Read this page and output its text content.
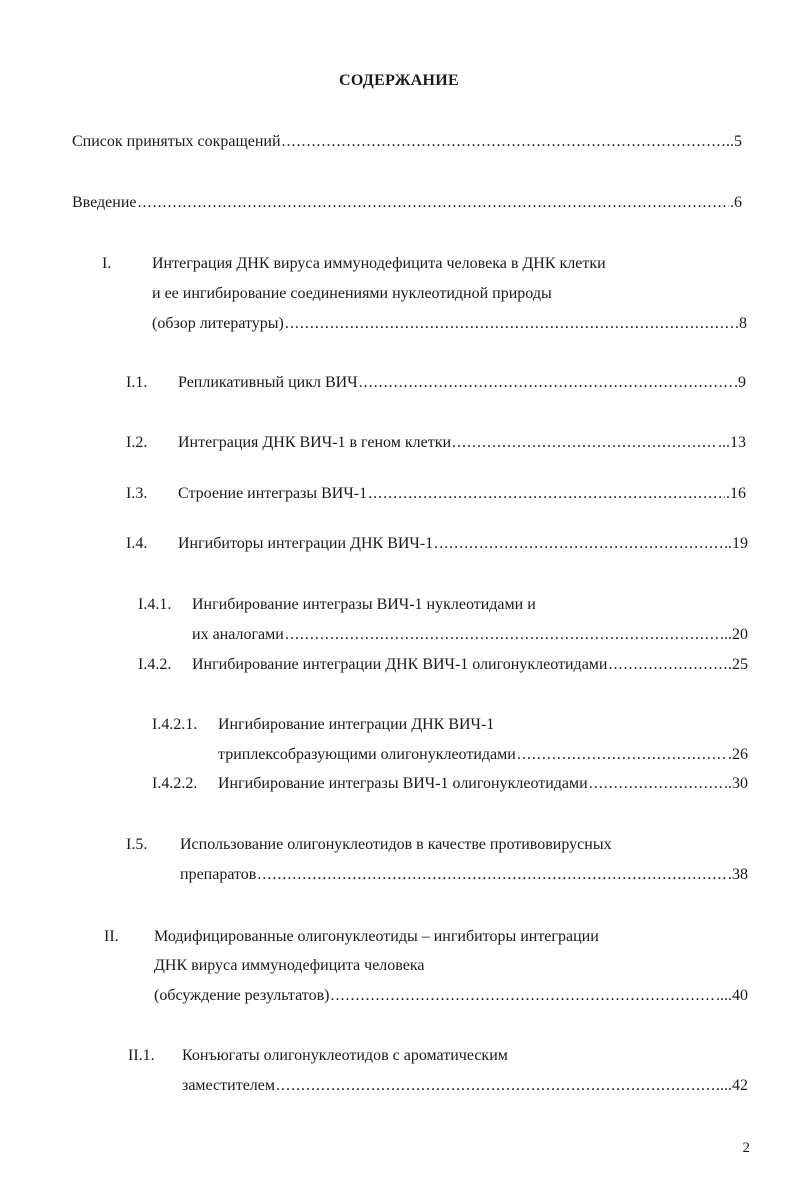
СОДЕРЖАНИЕ
Список принятых сокращений .....	..5
Введение .....	.6
I.	Интеграция ДНК вируса иммунодефицита человека в ДНК клетки
и ее ингибирование соединениями нуклеотидной природы
(обзор литературы) .....	.8
I.1.	Репликативный цикл ВИЧ .....	.9
I.2.	Интеграция ДНК ВИЧ-1 в геном клетки .....	...13
I.3.	Строение интегразы ВИЧ-1 .....	.16
I.4.	Ингибиторы интеграции ДНК ВИЧ-1 .....	.19
I.4.1.	Ингибирование интегразы ВИЧ-1 нуклеотидами и
их аналогами .....	..20
I.4.2.	Ингибирование интеграции ДНК ВИЧ-1 олигонуклеотидами .....	.25
I.4.2.1.	Ингибирование интеграции ДНК ВИЧ-1
триплексобразующими олигонуклеотидами .....	.26
I.4.2.2.	Ингибирование интегразы ВИЧ-1 олигонуклеотидами .....	..30
I.5.	Использование олигонуклеотидов в качестве противовирусных
препаратов .....	.38
II.	Модифицированные олигонуклеотиды – ингибиторы интеграции
ДНК вируса иммунодефицита человека
(обсуждение результатов) .....	....40
II.1.	Конъюгаты олигонуклеотидов с ароматическим
заместителем .....	...42
2
